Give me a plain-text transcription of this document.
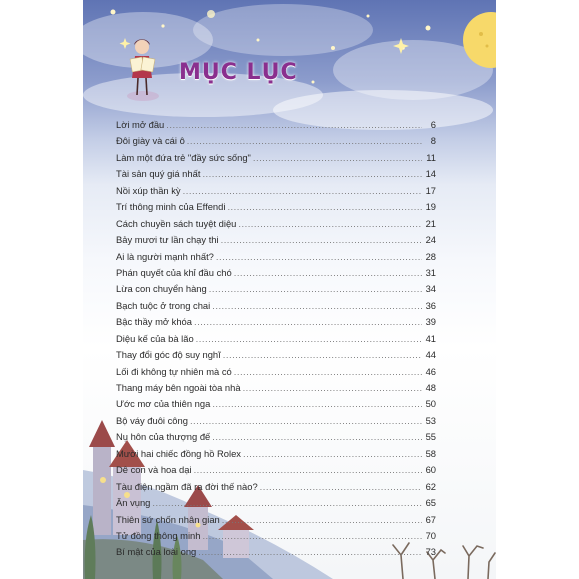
MỤC LỤC
Lời mở đầu .....	6
Đôi giày và cái ô .....	8
Làm một đứa trẻ "đầy sức sống" .....	11
Tài sản quý giá nhất .....	14
Nồi xúp thần kỳ .....	17
Trí thông minh của Effendi .....	19
Cách chuyền sách tuyệt diệu .....	21
Bảy mươi tư lần chạy thi .....	24
Ai là người mạnh nhất? .....	28
Phán quyết của khỉ đầu chó .....	31
Lừa con chuyển hàng .....	34
Bạch tuộc ở trong chai .....	36
Bậc thầy mở khóa .....	39
Diệu kế của bà lão .....	41
Thay đổi góc độ suy nghĩ .....	44
Lối đi không tự nhiên mà có .....	46
Thang máy bên ngoài tòa nhà .....	48
Ước mơ của thiên nga .....	50
Bộ váy đuôi công .....	53
Nụ hôn của thượng đế .....	55
Mười hai chiếc đồng hồ Rolex .....	58
Dê con và hoa dại .....	60
Tàu điện ngầm đã ra đời thế nào? .....	62
Ăn vụng .....	65
Thiên sứ chốn nhân gian .....	67
Tử đồng thông minh .....	70
Bí mật của loài ong .....	73
